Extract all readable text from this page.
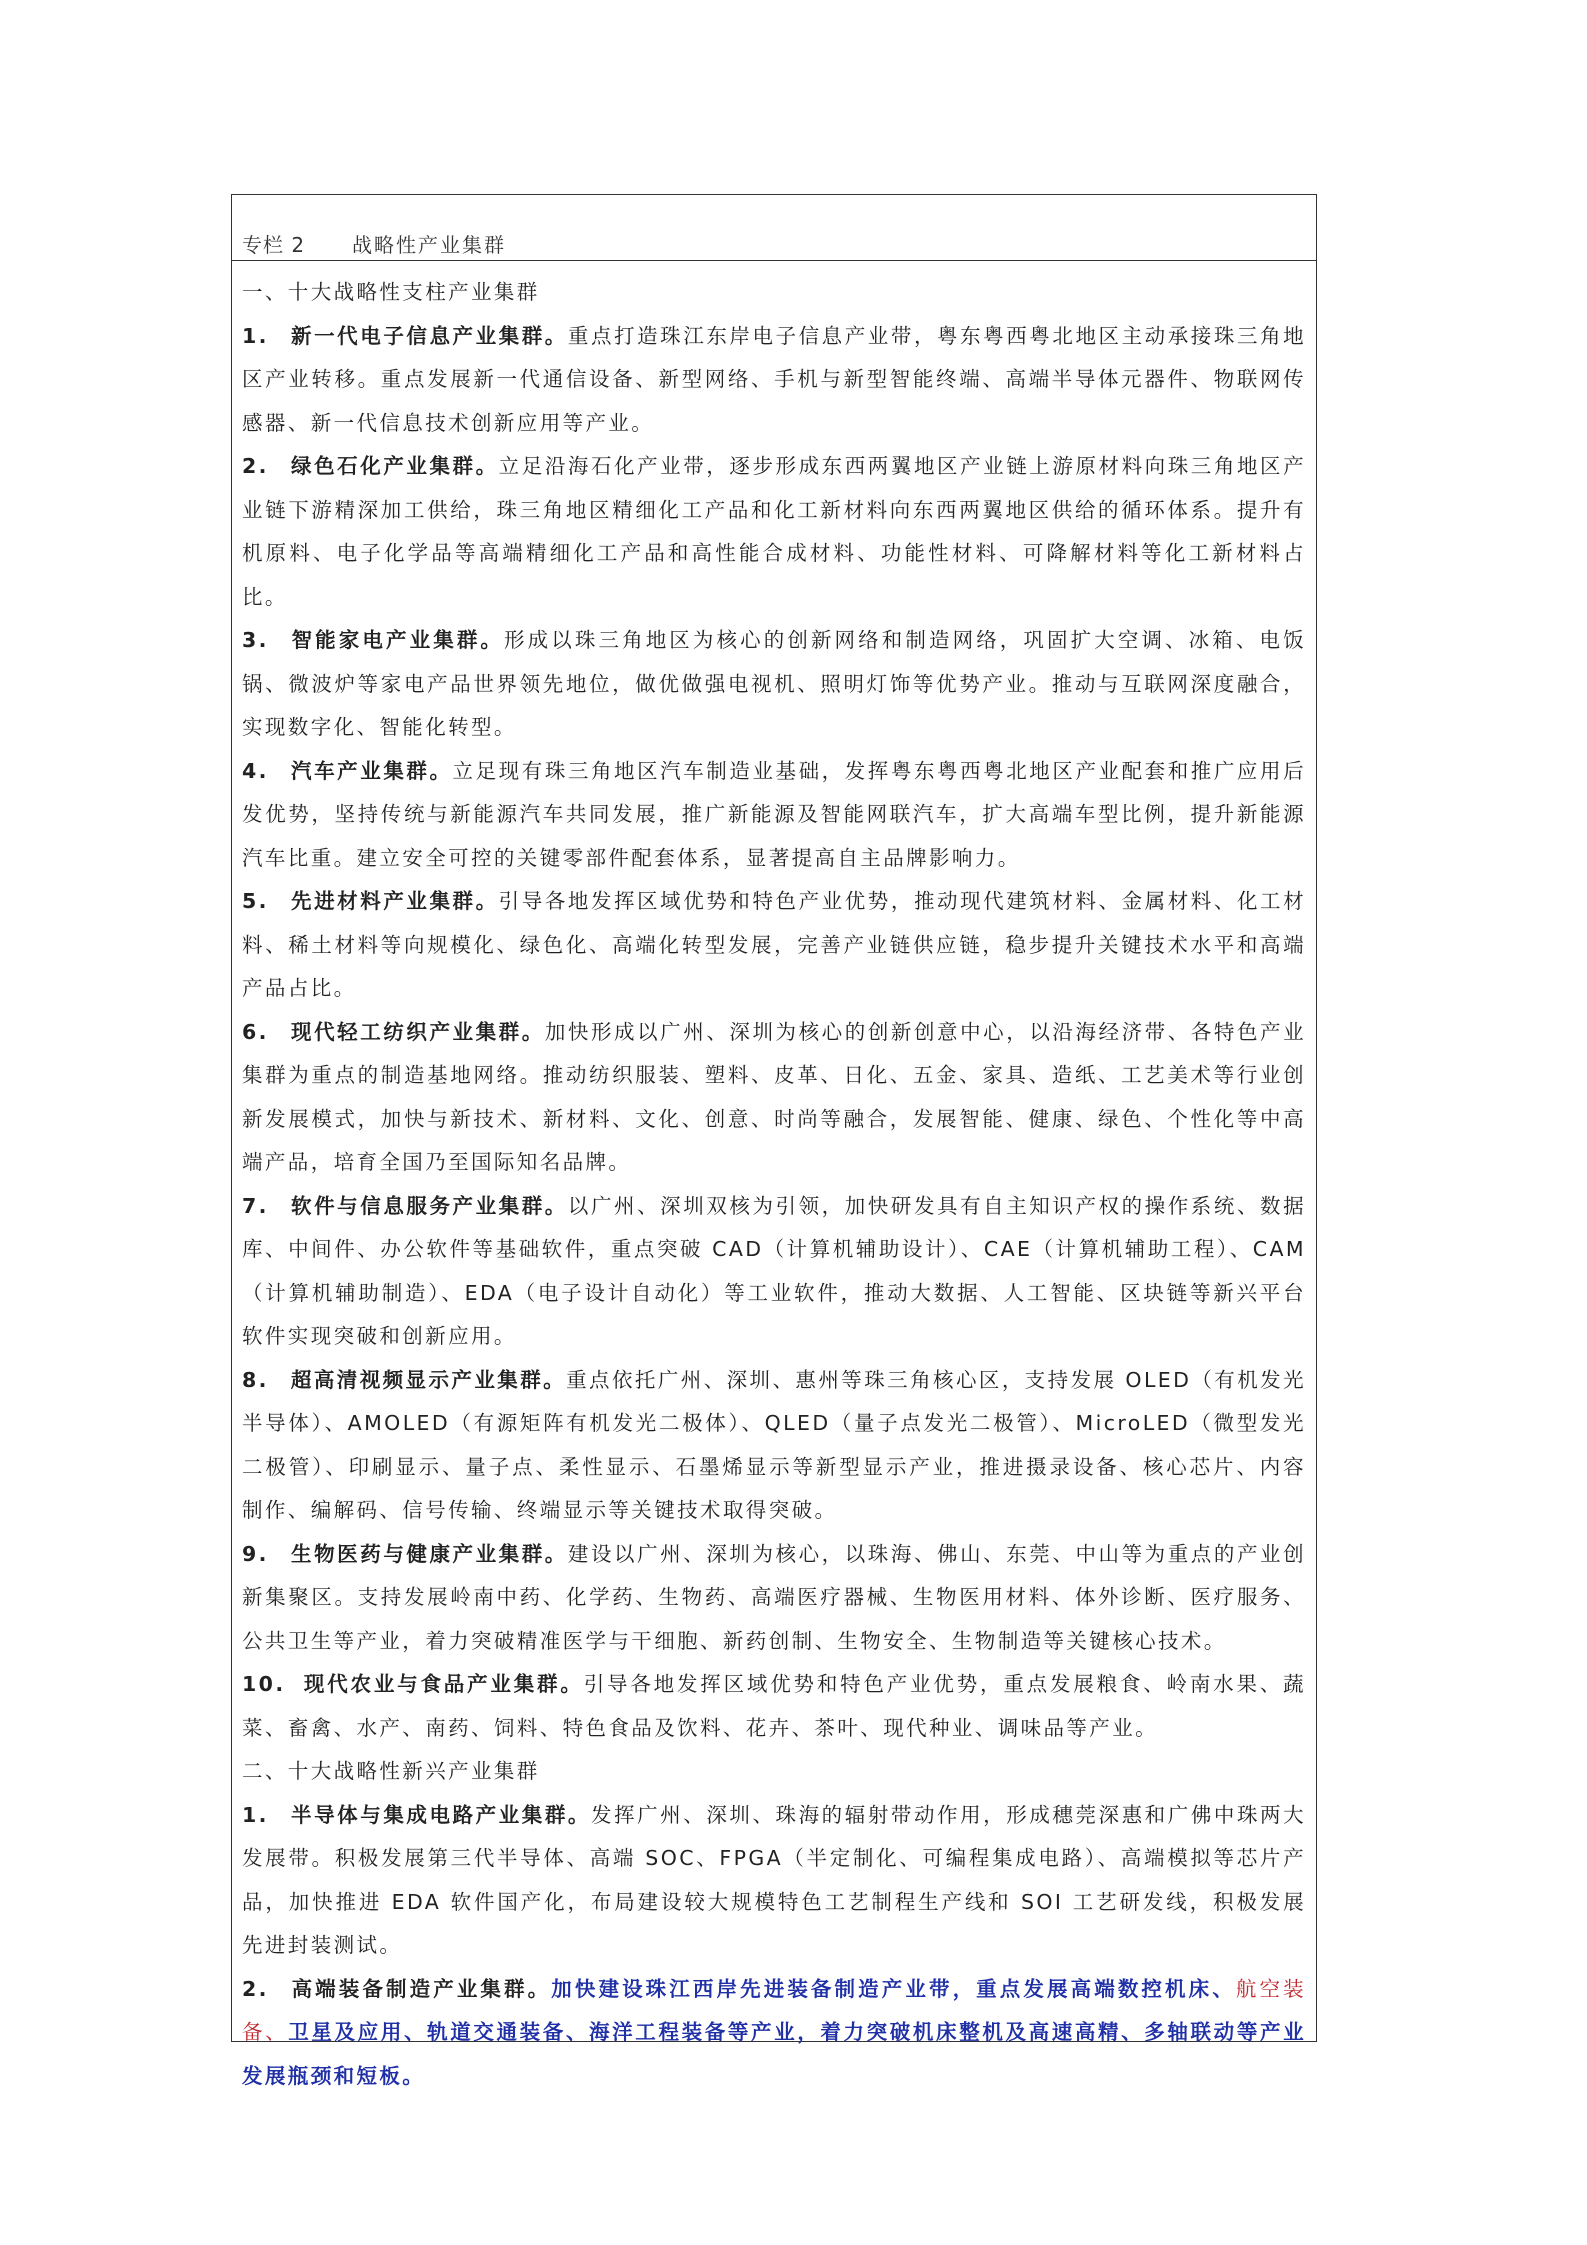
专栏 2 战略性产业集群

一、十大战略性支柱产业集群

1. 新一代电子信息产业集群。重点打造珠江东岸电子信息产业带，粤东粤西粤北地区主动承接珠三角地区产业转移。重点发展新一代通信设备、新型网络、手机与新型智能终端、高端半导体元器件、物联网传感器、新一代信息技术创新应用等产业。

2. 绿色石化产业集群。立足沿海石化产业带，逐步形成东西两翼地区产业链上游原材料向珠三角地区产业链下游精深加工供给，珠三角地区精细化工产品和化工新材料向东西两翼地区供给的循环体系。提升有机原料、电子化学品等高端精细化工产品和高性能合成材料、功能性材料、可降解材料等化工新材料占比。

3. 智能家电产业集群。形成以珠三角地区为核心的创新网络和制造网络，巩固扩大空调、冰箱、电饭锅、微波炉等家电产品世界领先地位，做优做强电视机、照明灯饰等优势产业。推动与互联网深度融合，实现数字化、智能化转型。

4. 汽车产业集群。立足现有珠三角地区汽车制造业基础，发挥粤东粤西粤北地区产业配套和推广应用后发优势，坚持传统与新能源汽车共同发展，推广新能源及智能网联汽车，扩大高端车型比例，提升新能源汽车比重。建立安全可控的关键零部件配套体系，显著提高自主品牌影响力。

5. 先进材料产业集群。引导各地发挥区域优势和特色产业优势，推动现代建筑材料、金属材料、化工材料、稀土材料等向规模化、绿色化、高端化转型发展，完善产业链供应链，稳步提升关键技术水平和高端产品占比。

6. 现代轻工纺织产业集群。加快形成以广州、深圳为核心的创新创意中心，以沿海经济带、各特色产业集群为重点的制造基地网络。推动纺织服装、塑料、皮革、日化、五金、家具、造纸、工艺美术等行业创新发展模式，加快与新技术、新材料、文化、创意、时尚等融合，发展智能、健康、绿色、个性化等中高端产品，培育全国乃至国际知名品牌。

7. 软件与信息服务产业集群。以广州、深圳双核为引领，加快研发具有自主知识产权的操作系统、数据库、中间件、办公软件等基础软件，重点突破 CAD（计算机辅助设计）、CAE（计算机辅助工程）、CAM（计算机辅助制造）、EDA（电子设计自动化）等工业软件，推动大数据、人工智能、区块链等新兴平台软件实现突破和创新应用。

8. 超高清视频显示产业集群。重点依托广州、深圳、惠州等珠三角核心区，支持发展 OLED（有机发光半导体）、AMOLED（有源矩阵有机发光二极体）、QLED（量子点发光二极管）、MicroLED（微型发光二极管）、印刷显示、量子点、柔性显示、石墨烯显示等新型显示产业，推进摄录设备、核心芯片、内容制作、编解码、信号传输、终端显示等关键技术取得突破。

9. 生物医药与健康产业集群。建设以广州、深圳为核心，以珠海、佛山、东莞、中山等为重点的产业创新集聚区。支持发展岭南中药、化学药、生物药、高端医疗器械、生物医用材料、体外诊断、医疗服务、公共卫生等产业，着力突破精准医学与干细胞、新药创制、生物安全、生物制造等关键核心技术。

10. 现代农业与食品产业集群。引导各地发挥区域优势和特色产业优势，重点发展粮食、岭南水果、蔬菜、畜禽、水产、南药、饲料、特色食品及饮料、花卉、茶叶、现代种业、调味品等产业。

二、十大战略性新兴产业集群

1. 半导体与集成电路产业集群。发挥广州、深圳、珠海的辐射带动作用，形成穗莞深惠和广佛中珠两大发展带。积极发展第三代半导体、高端 SOC、FPGA（半定制化、可编程集成电路）、高端模拟等芯片产品，加快推进 EDA 软件国产化，布局建设较大规模特色工艺制程生产线和 SOI 工艺研发线，积极发展先进封装测试。

2. 高端装备制造产业集群。加快建设珠江西岸先进装备制造产业带，重点发展高端数控机床、航空装备、卫星及应用、轨道交通装备、海洋工程装备等产业，着力突破机床整机及高速高精、多轴联动等产业发展瓶颈和短板。
